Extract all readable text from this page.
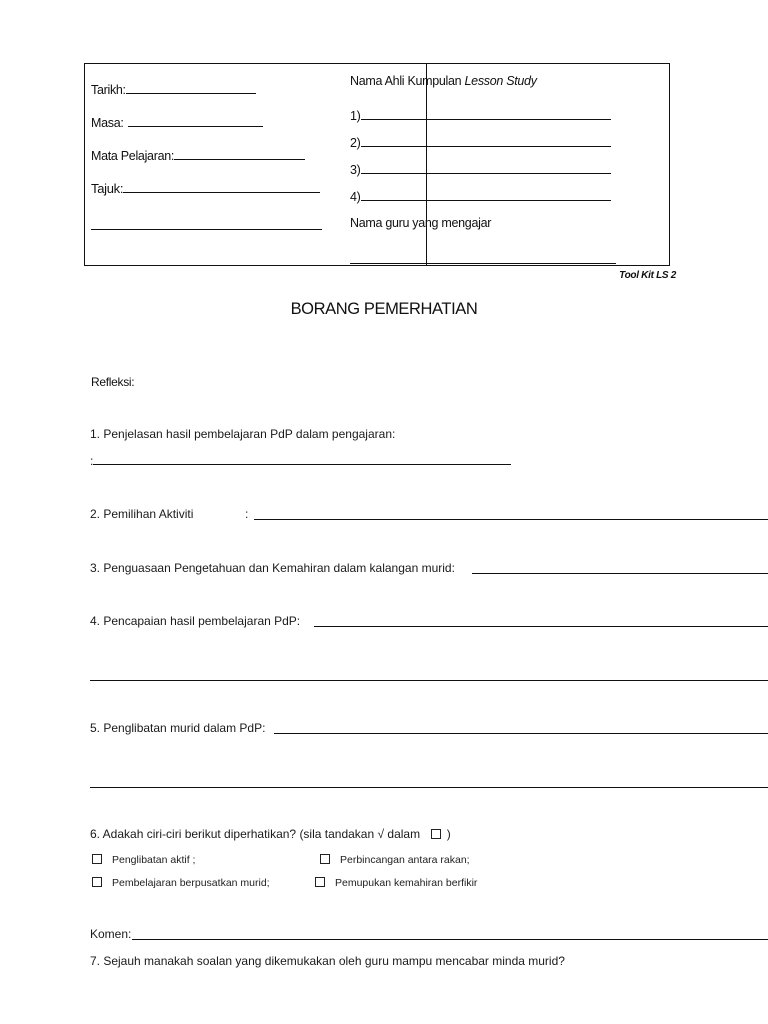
Tarikh:
Masa:
Mata Pelajaran:
Tajuk:
Nama Ahli Kumpulan Lesson Study
1)
2)
3)
4)
Nama guru yang mengajar
Tool Kit LS 2
BORANG PEMERHATIAN
Refleksi:
1. Penjelasan hasil pembelajaran PdP dalam pengajaran:
:
2. Pemilihan Aktiviti	:
3. Penguasaan Pengetahuan dan Kemahiran dalam kalangan murid:
4. Pencapaian hasil pembelajaran PdP:
5. Penglibatan murid dalam PdP:
6. Adakah ciri-ciri berikut diperhatikan? (sila tandakan √ dalam )
Penglibatan aktif ;	Perbincangan antara rakan;
Pembelajaran berpusatkan murid;	Pemupukan kemahiran berfikir
Komen:
7. Sejauh manakah soalan yang dikemukakan oleh guru mampu mencabar minda murid?
